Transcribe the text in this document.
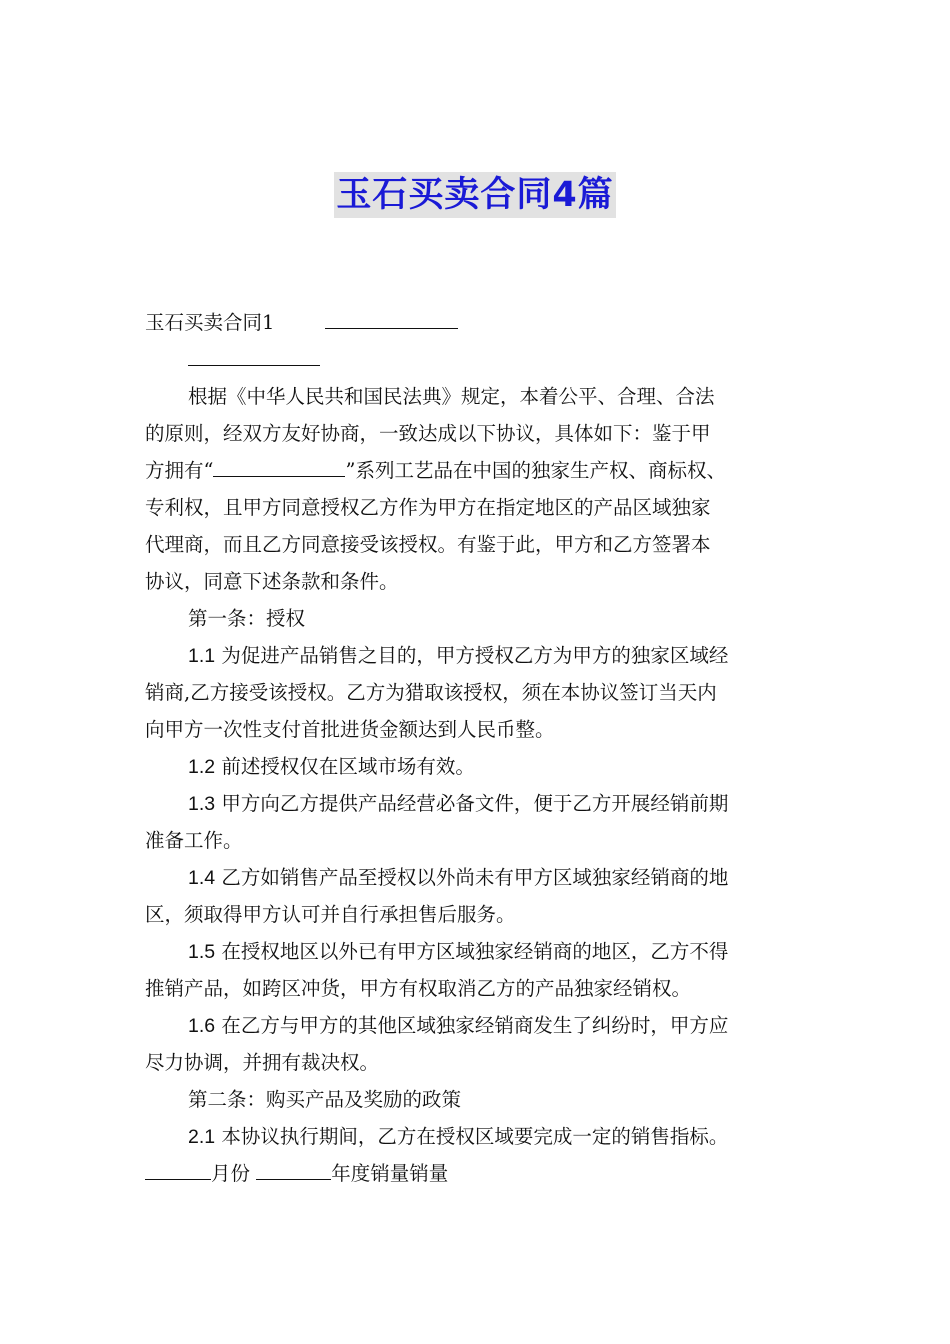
玉石买卖合同4篇
玉石买卖合同1
根据《中华人民共和国民法典》规定，本着公平、合理、合法
的原则，经双方友好协商，一致达成以下协议，具体如下：鉴于甲
方拥有“	”系列工艺品在中国的独家生产权、商标权、
专利权，且甲方同意授权乙方作为甲方在指定地区的产品区域独家
代理商，而且乙方同意接受该授权。有鉴于此，甲方和乙方签署本
协议，同意下述条款和条件。
第一条：授权
1.1 为促进产品销售之目的，甲方授权乙方为甲方的独家区域经
销商,乙方接受该授权。乙方为猎取该授权，须在本协议签订当天内
向甲方一次性支付首批进货金额达到人民币整。
1.2 前述授权仅在区域市场有效。
1.3 甲方向乙方提供产品经营必备文件，便于乙方开展经销前期
准备工作。
1.4 乙方如销售产品至授权以外尚未有甲方区域独家经销商的地
区，须取得甲方认可并自行承担售后服务。
1.5 在授权地区以外已有甲方区域独家经销商的地区，乙方不得
推销产品，如跨区冲货，甲方有权取消乙方的产品独家经销权。
1.6 在乙方与甲方的其他区域独家经销商发生了纠纷时，甲方应
尽力协调，并拥有裁决权。
第二条：购买产品及奖励的政策
2.1 本协议执行期间，乙方在授权区域要完成一定的销售指标。
月份	年度销量销量
